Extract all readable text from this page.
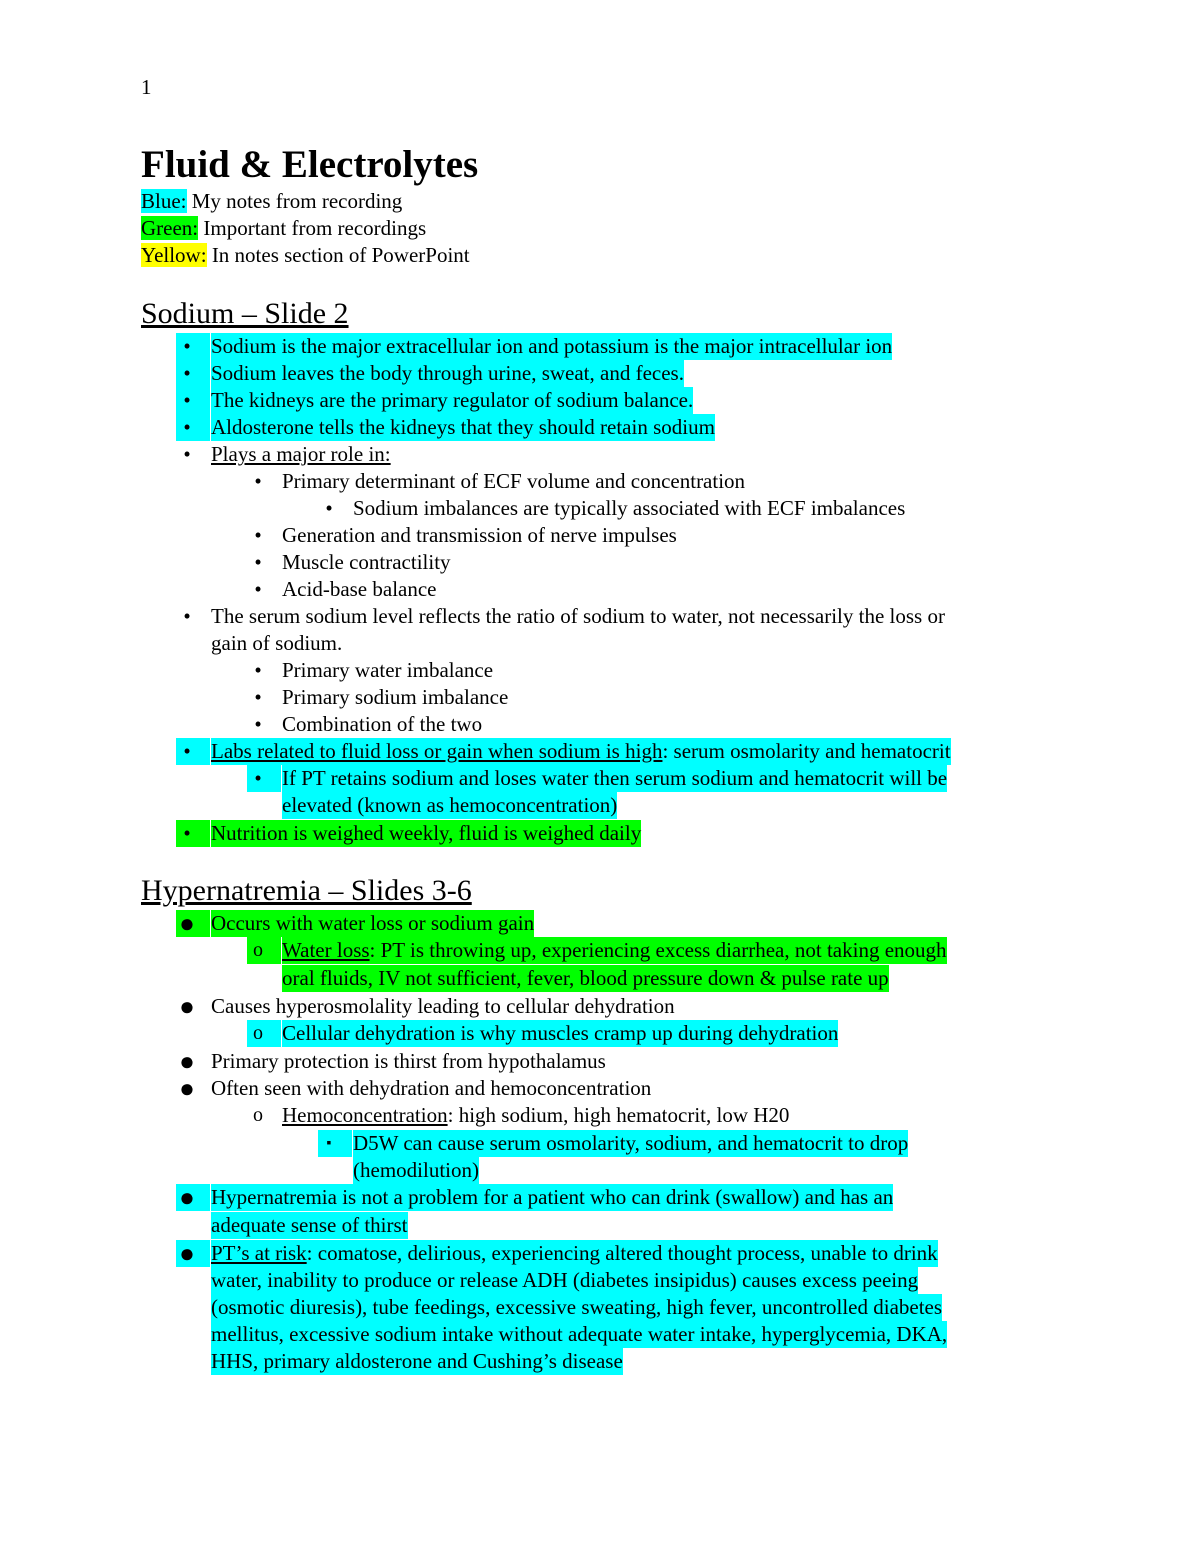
1
Fluid & Electrolytes
Blue: My notes from recording
Green: Important from recordings
Yellow: In notes section of PowerPoint
Sodium – Slide 2
• Sodium is the major extracellular ion and potassium is the major intracellular ion
• Sodium leaves the body through urine, sweat, and feces.
• The kidneys are the primary regulator of sodium balance.
• Aldosterone tells the kidneys that they should retain sodium
• Plays a major role in:
• Primary determinant of ECF volume and concentration
• Sodium imbalances are typically associated with ECF imbalances
• Generation and transmission of nerve impulses
• Muscle contractility
• Acid-base balance
• The serum sodium level reflects the ratio of sodium to water, not necessarily the loss or
gain of sodium.
• Primary water imbalance
• Primary sodium imbalance
• Combination of the two
• Labs related to fluid loss or gain when sodium is high: serum osmolarity and hematocrit
• If PT retains sodium and loses water then serum sodium and hematocrit will be
elevated (known as hemoconcentration)
• Nutrition is weighed weekly, fluid is weighed daily
Hypernatremia – Slides 3-6
● Occurs with water loss or sodium gain
o Water loss: PT is throwing up, experiencing excess diarrhea, not taking enough
oral fluids, IV not sufficient, fever, blood pressure down & pulse rate up
● Causes hyperosmolality leading to cellular dehydration
o Cellular dehydration is why muscles cramp up during dehydration
● Primary protection is thirst from hypothalamus
● Often seen with dehydration and hemoconcentration
o Hemoconcentration: high sodium, high hematocrit, low H20
▪	D5W can cause serum osmolarity, sodium, and hematocrit to drop
(hemodilution)
● Hypernatremia is not a problem for a patient who can drink (swallow) and has an
adequate sense of thirst
● PT’s at risk: comatose, delirious, experiencing altered thought process, unable to drink
water, inability to produce or release ADH (diabetes insipidus) causes excess peeing
(osmotic diuresis), tube feedings, excessive sweating, high fever, uncontrolled diabetes
mellitus, excessive sodium intake without adequate water intake, hyperglycemia, DKA,
HHS, primary aldosterone and Cushing’s disease
